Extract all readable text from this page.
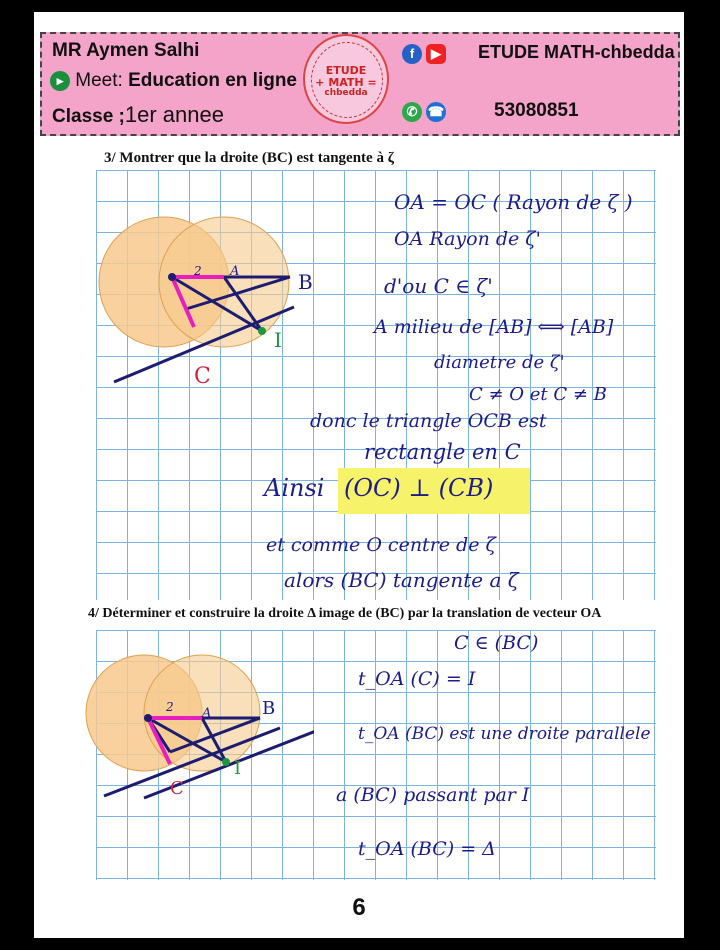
MR Aymen Salhi
▸ Meet: Education en ligne
Classe ;1er annee
ETUDE
+ MATH =
chbedda
f	▶ ETUDE MATH-chbedda
✆ ☎	53080851
3/ Montrer que la droite (BC) est tangente à ζ
B
I
C
A
2
OA = OC ( Rayon de ζ )
OA Rayon de ζ'
d'ou C ∈ ζ'
A milieu de [AB] ⟺ [AB]
diametre de ζ'
C ≠ O et C ≠ B
donc le triangle OCB est
rectangle en C
Ainsi (OC) ⊥ (CB)
et comme O centre de ζ
alors (BC) tangente a ζ
4/ Déterminer et construire la droite Δ image de (BC) par la translation de vecteur OA
B
I
C
A
2
C ∈ (BC)
t_OA (C) = I
t_OA (BC) est une droite parallele
a (BC) passant par I
t_OA (BC) = Δ
6
